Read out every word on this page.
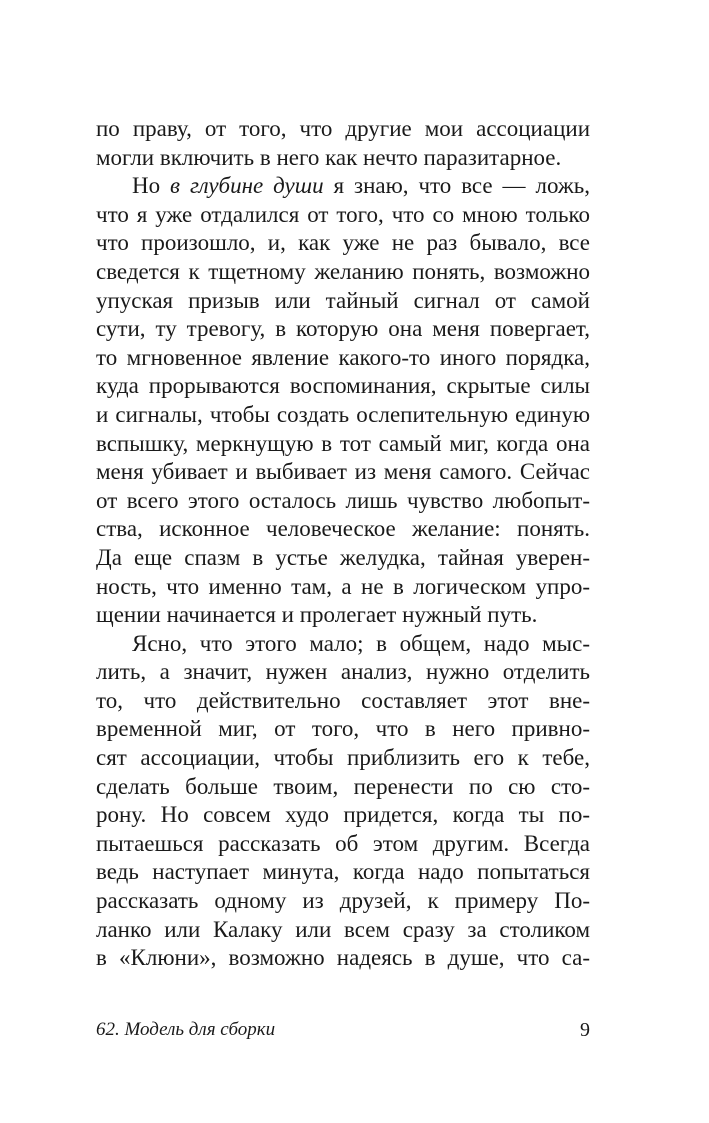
по праву, от того, что другие мои ассоциации
могли включить в него как нечто паразитарное.
Но в глубине души я знаю, что все — ложь,
что я уже отдалился от того, что со мною только
что произошло, и, как уже не раз бывало, все
сведется к тщетному желанию понять, возможно
упуская призыв или тайный сигнал от самой
сути, ту тревогу, в которую она меня повергает,
то мгновенное явление какого-то иного порядка,
куда прорываются воспоминания, скрытые силы
и сигналы, чтобы создать ослепительную единую
вспышку, меркнущую в тот самый миг, когда она
меня убивает и выбивает из меня самого. Сейчас
от всего этого осталось лишь чувство любопыт-
ства, исконное человеческое желание: понять.
Да еще спазм в устье желудка, тайная уверен-
ность, что именно там, а не в логическом упро-
щении начинается и пролегает нужный путь.
Ясно, что этого мало; в общем, надо мыс-
лить, а значит, нужен анализ, нужно отделить
то, что действительно составляет этот вне-
временной миг, от того, что в него привно-
сят ассоциации, чтобы приблизить его к тебе,
сделать больше твоим, перенести по сю сто-
рону. Но совсем худо придется, когда ты по-
пытаешься рассказать об этом другим. Всегда
ведь наступает минута, когда надо попытаться
рассказать одному из друзей, к примеру По-
ланко или Калаку или всем сразу за столиком
в «Клюни», возможно надеясь в душе, что са-
62. Модель для сборки	9
